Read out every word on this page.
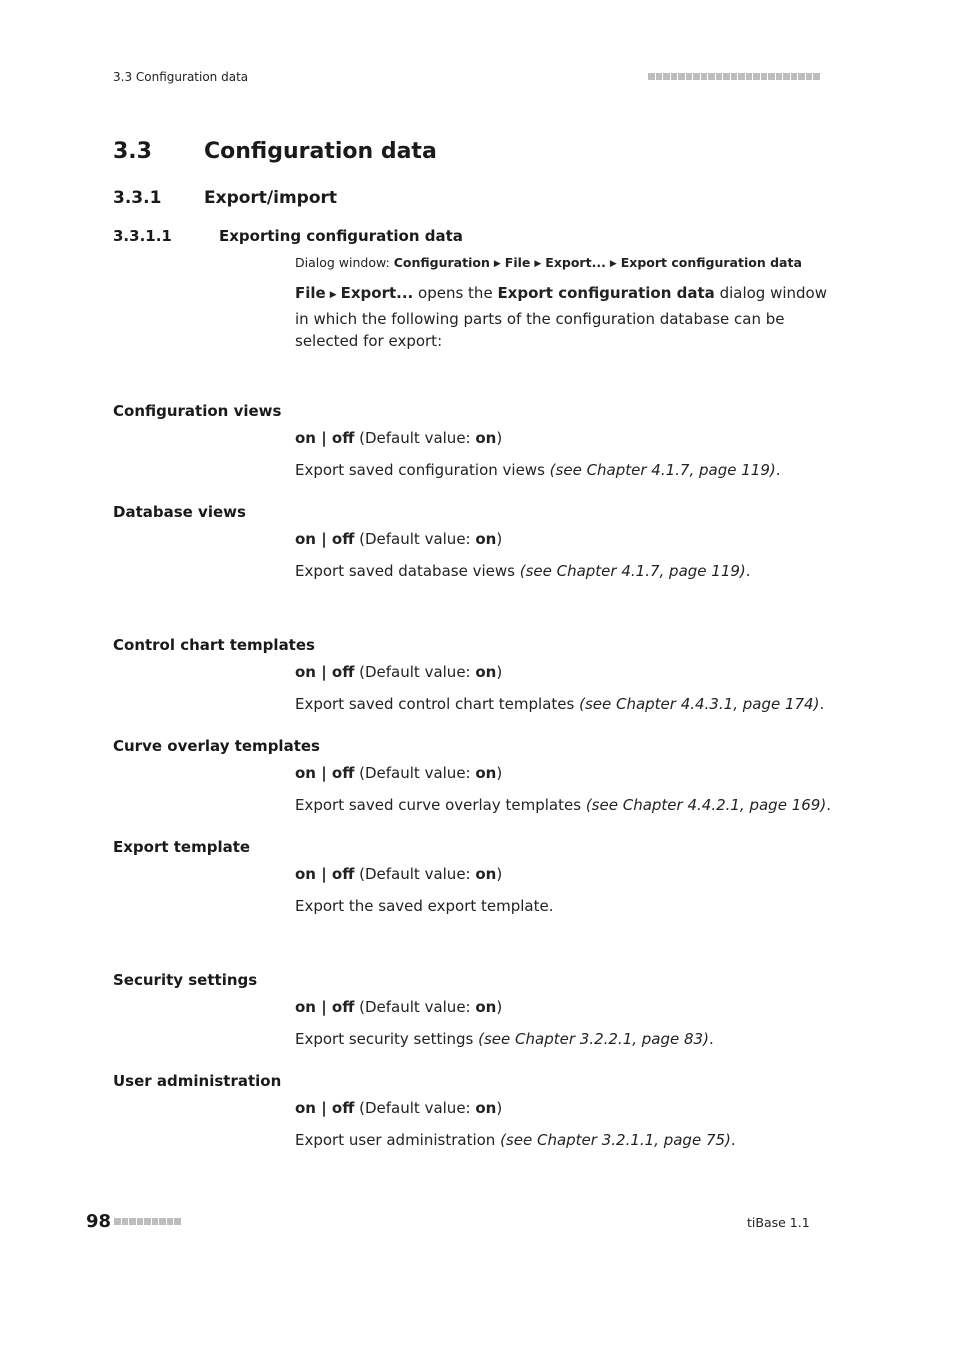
3.3 Configuration data
3.3 Configuration data
3.3.1	Export/import
3.3.1.1	Exporting configuration data
Dialog window: Configuration ▶ File ▶ Export... ▶ Export configuration data
File ▶ Export... opens the Export configuration data dialog window in which the following parts of the configuration database can be selected for export:
Configuration views
on | off (Default value: on)
Export saved configuration views (see Chapter 4.1.7, page 119).
Database views
on | off (Default value: on)
Export saved database views (see Chapter 4.1.7, page 119).
Control chart templates
on | off (Default value: on)
Export saved control chart templates (see Chapter 4.4.3.1, page 174).
Curve overlay templates
on | off (Default value: on)
Export saved curve overlay templates (see Chapter 4.4.2.1, page 169).
Export template
on | off (Default value: on)
Export the saved export template.
Security settings
on | off (Default value: on)
Export security settings (see Chapter 3.2.2.1, page 83).
User administration
on | off (Default value: on)
Export user administration (see Chapter 3.2.1.1, page 75).
98	tiBase 1.1
